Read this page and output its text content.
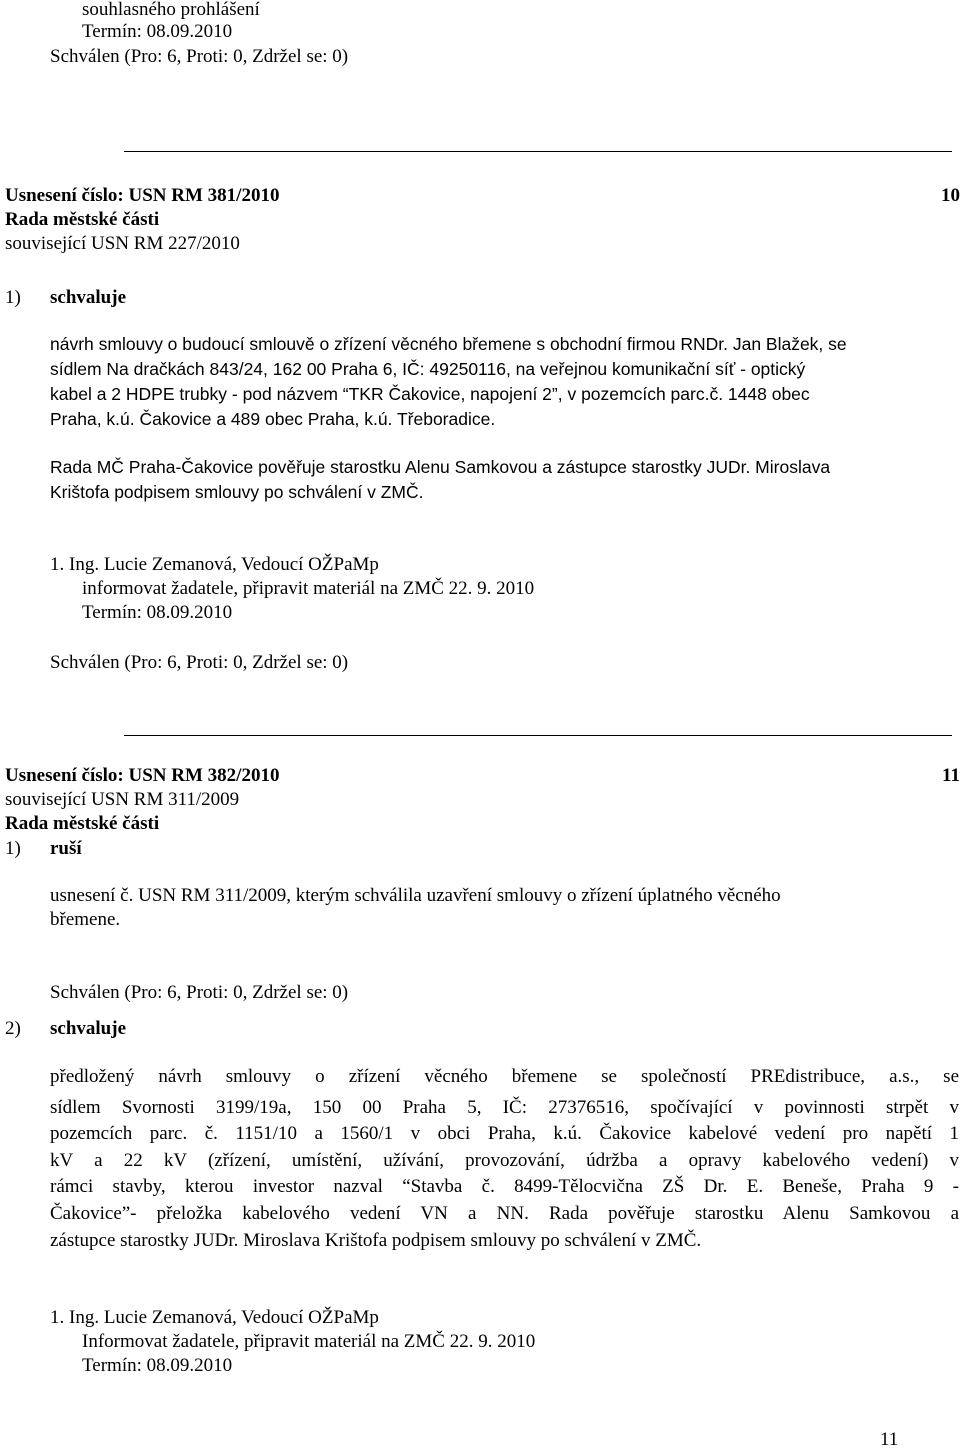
souhlasného prohlášení
Termín: 08.09.2010
Schválen (Pro: 6, Proti: 0, Zdržel se: 0)
Usnesení číslo: USN RM 381/2010	10
Rada městské části
související USN RM 227/2010
1) schvaluje
návrh smlouvy o budoucí smlouvě o zřízení věcného břemene s obchodní firmou RNDr. Jan Blažek, se
sídlem Na dračkách 843/24, 162 00 Praha 6, IČ: 49250116, na veřejnou komunikační síť - optický
kabel a 2 HDPE trubky - pod názvem “TKR Čakovice, napojení 2”, v pozemcích parc.č. 1448 obec
Praha, k.ú. Čakovice a 489 obec Praha, k.ú. Třeboradice.
Rada MČ Praha-Čakovice pověřuje starostku Alenu Samkovou a zástupce starostky JUDr. Miroslava
Krištofa podpisem smlouvy po schválení v ZMČ.
1. Ing. Lucie Zemanová, Vedoucí OŽPaMp
informovat žadatele, připravit materiál na ZMČ 22. 9. 2010
Termín: 08.09.2010
Schválen (Pro: 6, Proti: 0, Zdržel se: 0)
Usnesení číslo: USN RM 382/2010	11
související USN RM 311/2009
Rada městské části
1) ruší
usnesení č. USN RM 311/2009, kterým schválila uzavření smlouvy o zřízení úplatného věcného
břemene.
Schválen (Pro: 6, Proti: 0, Zdržel se: 0)
2) schvaluje
předložený návrh smlouvy o zřízení věcného břemene se společností PREdistribuce, a.s., se
sídlem Svornosti 3199/19a, 150 00 Praha 5, IČ: 27376516, spočívající v povinnosti strpět v
pozemcích parc. č. 1151/10 a 1560/1 v obci Praha, k.ú. Čakovice kabelové vedení pro napětí 1
kV a 22 kV (zřízení, umístění, užívání, provozování, údržba a opravy kabelového vedení) v
rámci stavby, kterou investor nazval “Stavba č. 8499-Tělocvična ZŠ Dr. E. Beneše, Praha 9 -
Čakovice”- přeložka kabelového vedení VN a NN. Rada pověřuje starostku Alenu Samkovou a
zástupce starostky JUDr. Miroslava Krištofa podpisem smlouvy po schválení v ZMČ.
1. Ing. Lucie Zemanová, Vedoucí OŽPaMp
Informovat žadatele, připravit materiál na ZMČ 22. 9. 2010
Termín: 08.09.2010
11
